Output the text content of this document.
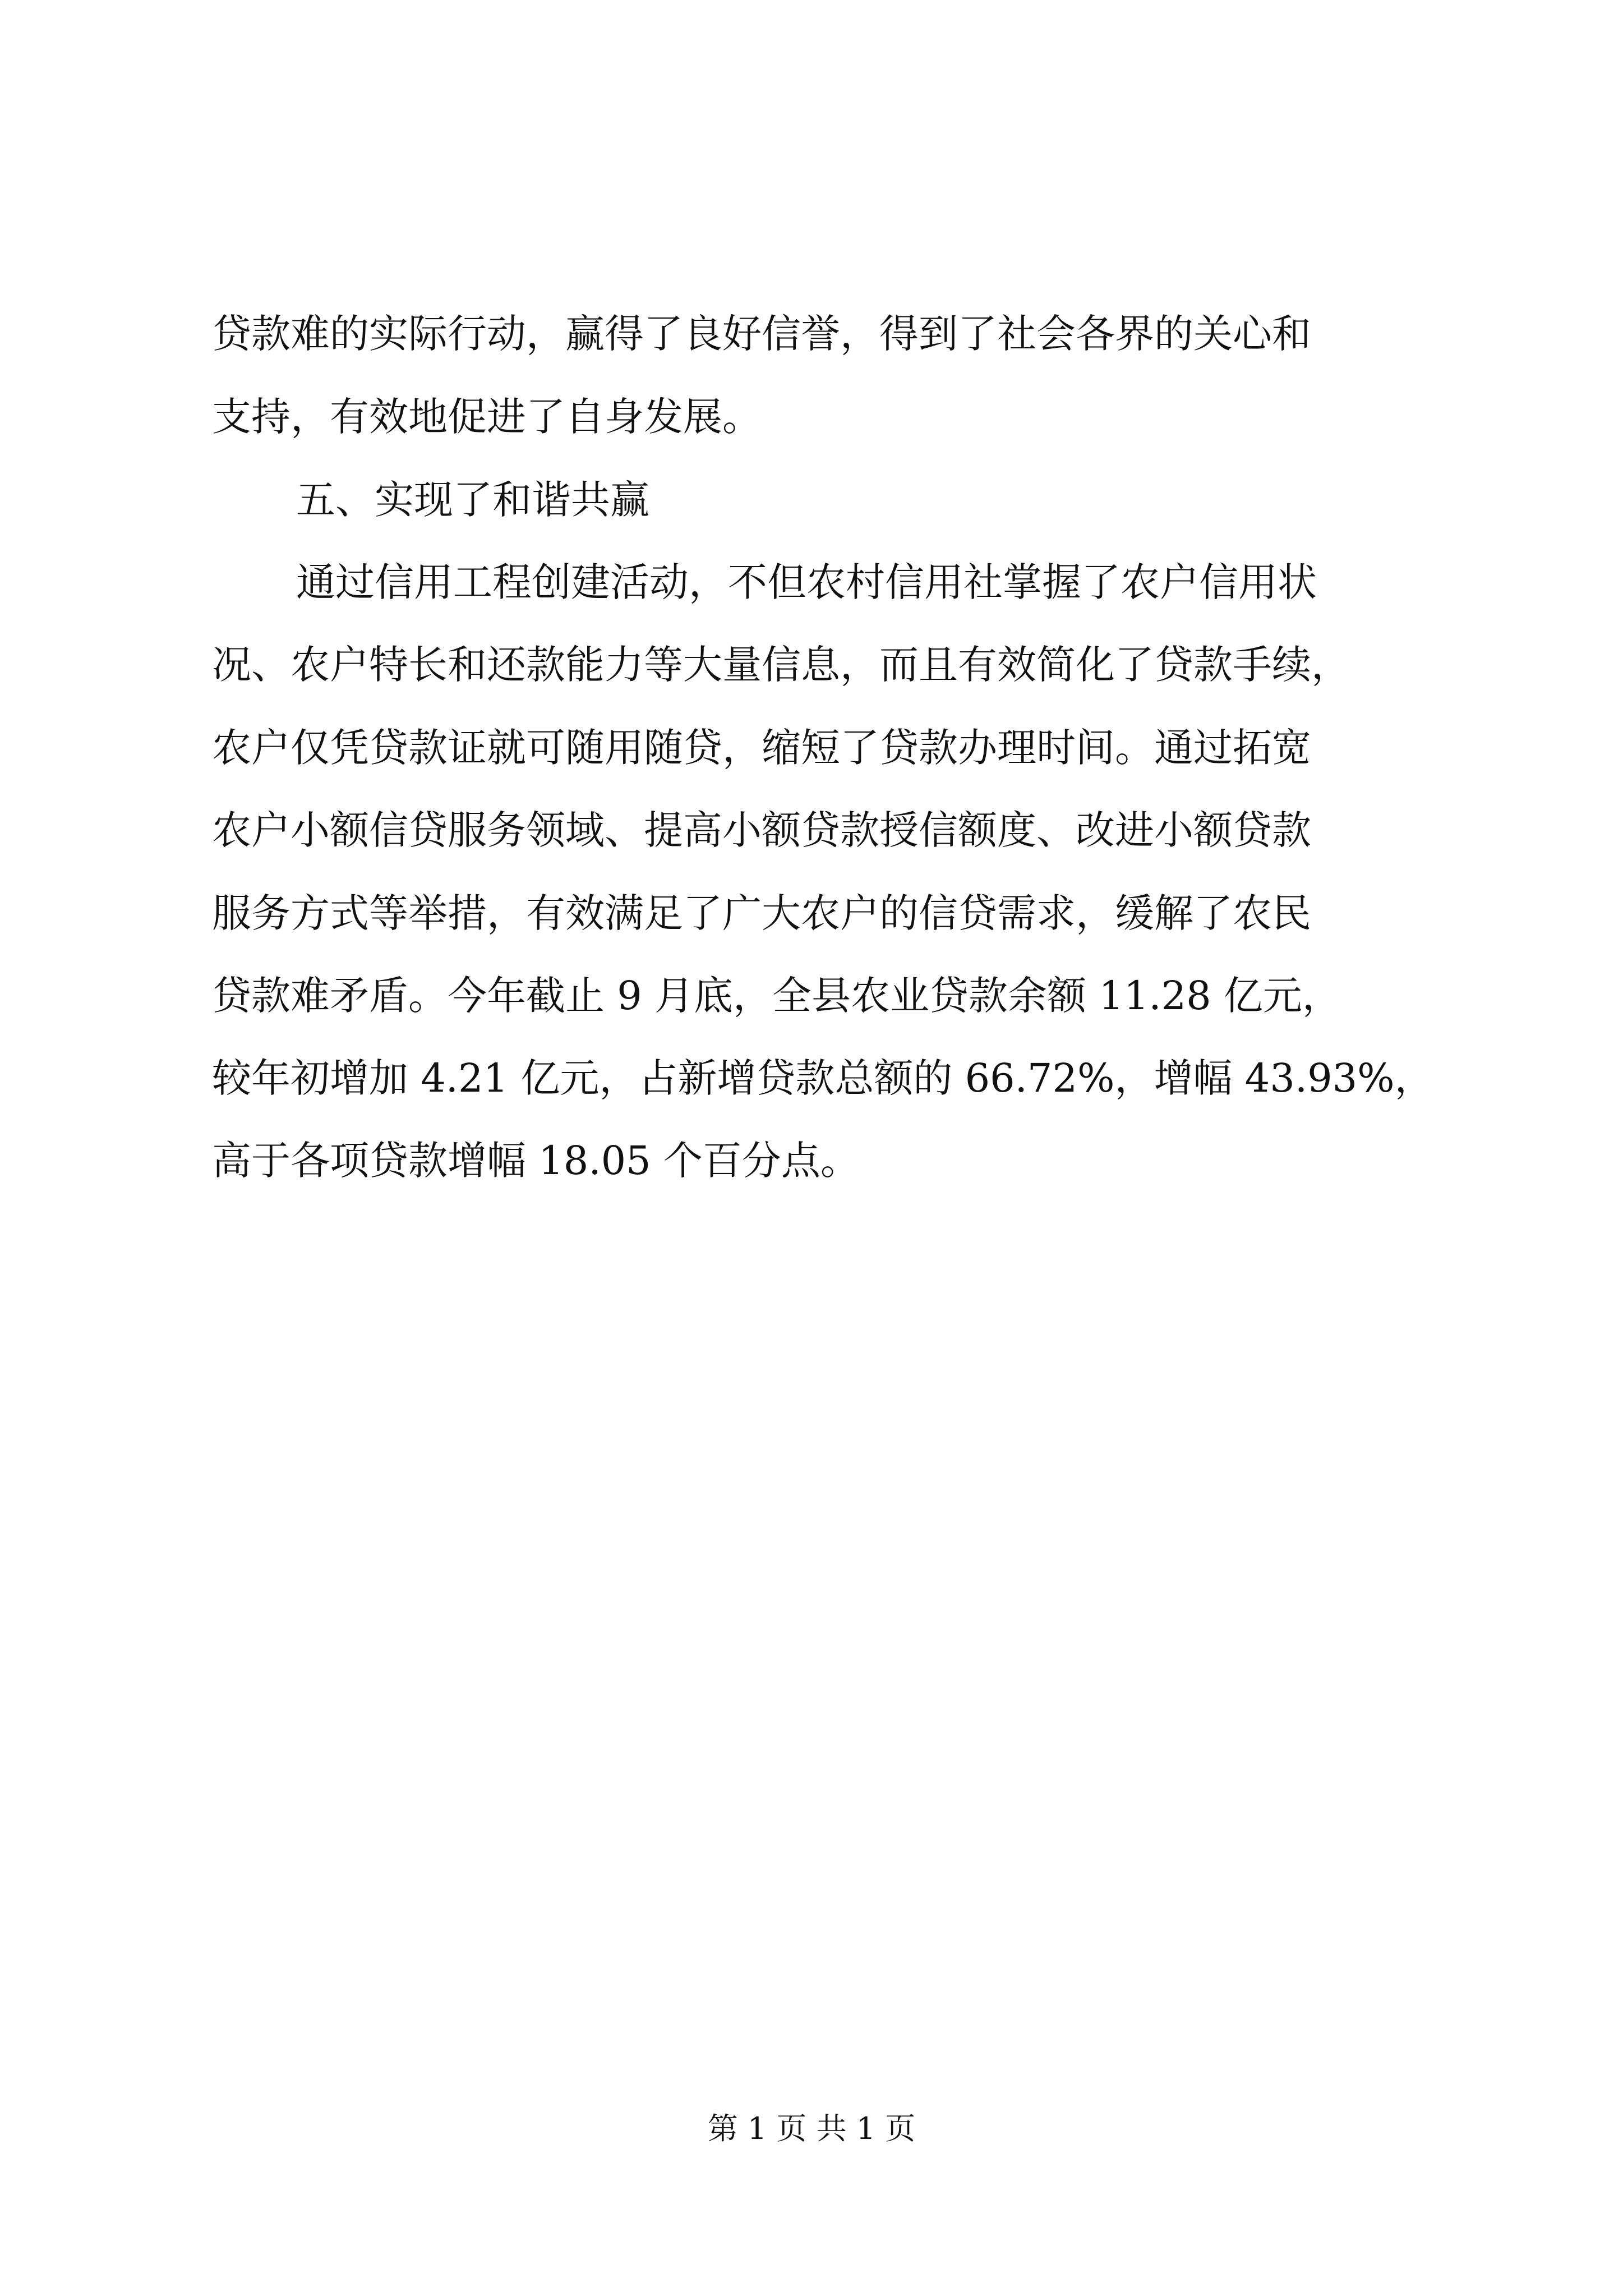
贷款难的实际行动，赢得了良好信誉，得到了社会各界的关心和
支持，有效地促进了自身发展。
五、实现了和谐共赢
通过信用工程创建活动，不但农村信用社掌握了农户信用状
况、农户特长和还款能力等大量信息，而且有效简化了贷款手续，
农户仅凭贷款证就可随用随贷，缩短了贷款办理时间。通过拓宽
农户小额信贷服务领域、提高小额贷款授信额度、改进小额贷款
服务方式等举措，有效满足了广大农户的信贷需求，缓解了农民
贷款难矛盾。今年截止 9 月底，全县农业贷款余额 11.28 亿元，
较年初增加 4.21 亿元，占新增贷款总额的 66.72%，增幅 43.93%，
高于各项贷款增幅 18.05 个百分点。
第 1 页 共 1 页
